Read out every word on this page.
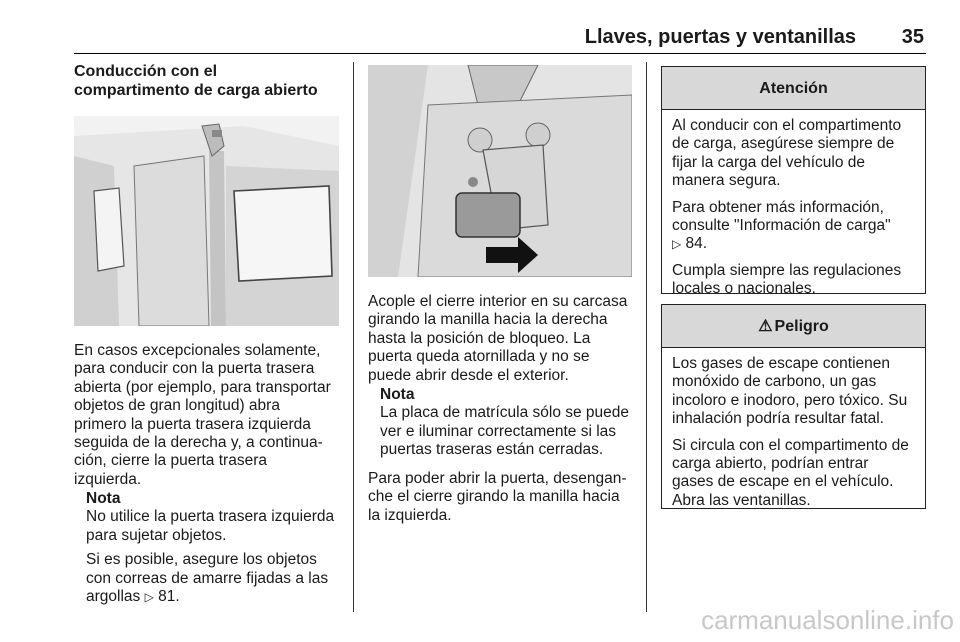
Llaves, puertas y ventanillas 35
Conducción con el
compartimento de carga abierto
En casos excepcionales solamente,
para conducir con la puerta trasera
abierta (por ejemplo, para transportar
objetos de gran longitud) abra
primero la puerta trasera izquierda
seguida de la derecha y, a continua-
ción, cierre la puerta trasera
izquierda.
Nota
No utilice la puerta trasera izquierda
para sujetar objetos.
Si es posible, asegure los objetos
con correas de amarre fijadas a las
argollas ▷ 81.
Acople el cierre interior en su carcasa
girando la manilla hacia la derecha
hasta la posición de bloqueo. La
puerta queda atornillada y no se
puede abrir desde el exterior.
Nota
La placa de matrícula sólo se puede
ver e iluminar correctamente si las
puertas traseras están cerradas.
Para poder abrir la puerta, desengan-
che el cierre girando la manilla hacia
la izquierda.
Atención

Al conducir con el compartimento
de carga, asegúrese siempre de
fijar la carga del vehículo de
manera segura.

Para obtener más información,
consulte "Información de carga"
▷ 84.

Cumpla siempre las regulaciones
locales o nacionales.

⚠ Peligro

Los gases de escape contienen
monóxido de carbono, un gas
incoloro e inodoro, pero tóxico. Su
inhalación podría resultar fatal.

Si circula con el compartimento de
carga abierto, podrían entrar
gases de escape en el vehículo.
Abra las ventanillas.

carmanualsonline.info
